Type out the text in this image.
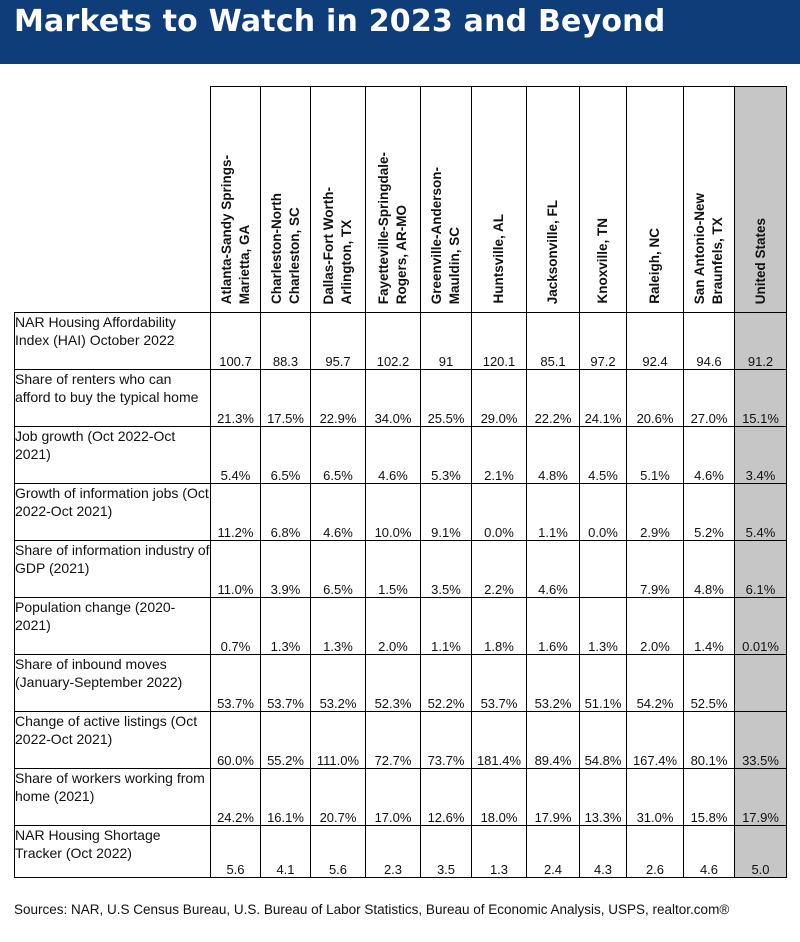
Markets to Watch in 2023 and Beyond

	Atlanta-Sandy Springs-
Marietta, GA	Charleston-North
Charleston, SC	Dallas-Fort Worth-
Arlington, TX	Fayetteville-Springdale-
Rogers, AR-MO	Greenville-Anderson-
Mauldin, SC	Huntsville, AL	Jacksonville, FL	Knoxville, TN	Raleigh, NC	San Antonio-New
Braunfels, TX	United States

NAR Housing Affordability Index (HAI) October 2022	100.7	88.3	95.7	102.2	91	120.1	85.1	97.2	92.4	94.6	91.2
Share of renters who can afford to buy the typical home	21.3%	17.5%	22.9%	34.0%	25.5%	29.0%	22.2%	24.1%	20.6%	27.0%	15.1%
Job growth (Oct 2022-Oct 2021)	5.4%	6.5%	6.5%	4.6%	5.3%	2.1%	4.8%	4.5%	5.1%	4.6%	3.4%
Growth of information jobs (Oct 2022-Oct 2021)	11.2%	6.8%	4.6%	10.0%	9.1%	0.0%	1.1%	0.0%	2.9%	5.2%	5.4%
Share of information industry of GDP (2021)	11.0%	3.9%	6.5%	1.5%	3.5%	2.2%	4.6%		7.9%	4.8%	6.1%
Population change (2020-2021)	0.7%	1.3%	1.3%	2.0%	1.1%	1.8%	1.6%	1.3%	2.0%	1.4%	0.01%
Share of inbound moves (January-September 2022)	53.7%	53.7%	53.2%	52.3%	52.2%	53.7%	53.2%	51.1%	54.2%	52.5%	
Change of active listings (Oct 2022-Oct 2021)	60.0%	55.2%	111.0%	72.7%	73.7%	181.4%	89.4%	54.8%	167.4%	80.1%	33.5%
Share of workers working from home (2021)	24.2%	16.1%	20.7%	17.0%	12.6%	18.0%	17.9%	13.3%	31.0%	15.8%	17.9%
NAR Housing Shortage Tracker (Oct 2022)	5.6	4.1	5.6	2.3	3.5	1.3	2.4	4.3	2.6	4.6	5.0
Sources: NAR, U.S Census Bureau, U.S. Bureau of Labor Statistics, Bureau of Economic Analysis, USPS, realtor.com®
